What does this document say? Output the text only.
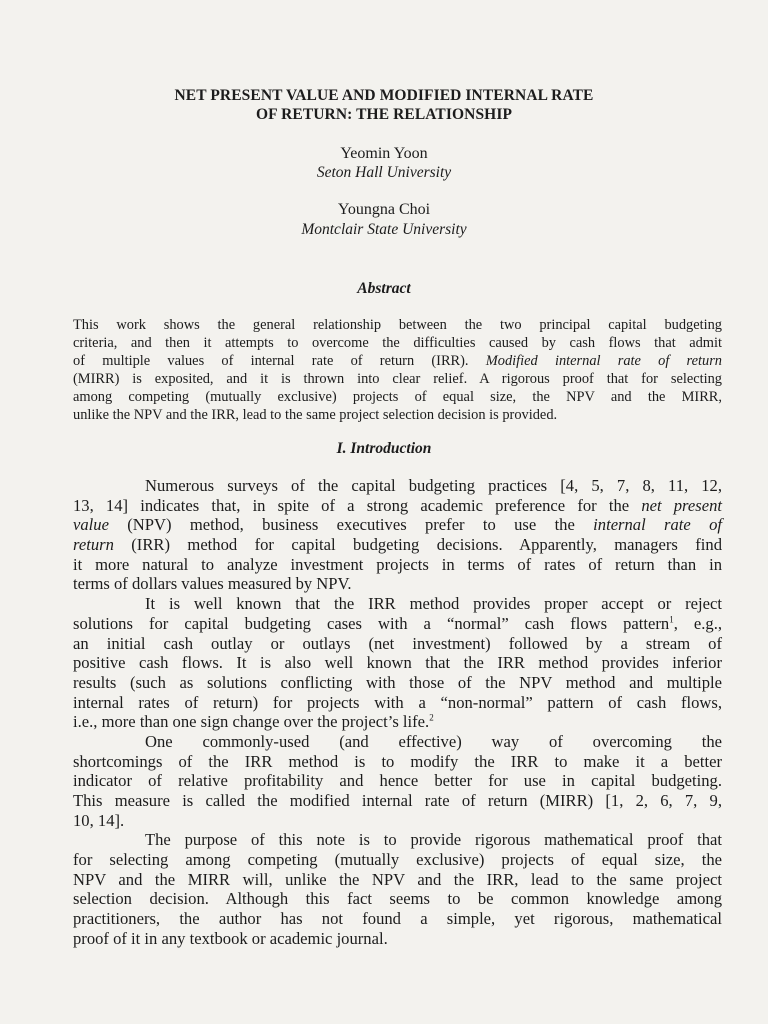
NET PRESENT VALUE AND MODIFIED INTERNAL RATE
OF RETURN: THE RELATIONSHIP
Yeomin Yoon
Seton Hall University
Youngna Choi
Montclair State University
Abstract
This work shows the general relationship between the two principal capital budgeting
criteria, and then it attempts to overcome the difficulties caused by cash flows that admit
of multiple values of internal rate of return (IRR). Modified internal rate of return
(MIRR) is exposited, and it is thrown into clear relief. A rigorous proof that for selecting
among competing (mutually exclusive) projects of equal size, the NPV and the MIRR,
unlike the NPV and the IRR, lead to the same project selection decision is provided.
I. Introduction
Numerous surveys of the capital budgeting practices [4, 5, 7, 8, 11, 12,
13, 14] indicates that, in spite of a strong academic preference for the net present
value (NPV) method, business executives prefer to use the internal rate of
return (IRR) method for capital budgeting decisions. Apparently, managers find
it more natural to analyze investment projects in terms of rates of return than in
terms of dollars values measured by NPV.
It is well known that the IRR method provides proper accept or reject
solutions for capital budgeting cases with a “normal” cash flows pattern$^1$, e.g.,
an initial cash outlay or outlays (net investment) followed by a stream of
positive cash flows. It is also well known that the IRR method provides inferior
results (such as solutions conflicting with those of the NPV method and multiple
internal rates of return) for projects with a “non-normal” pattern of cash flows,
i.e., more than one sign change over the project’s life.$^2$
One commonly-used (and effective) way of overcoming the
shortcomings of the IRR method is to modify the IRR to make it a better
indicator of relative profitability and hence better for use in capital budgeting.
This measure is called the modified internal rate of return (MIRR) [1, 2, 6, 7, 9,
10, 14].
The purpose of this note is to provide rigorous mathematical proof that
for selecting among competing (mutually exclusive) projects of equal size, the
NPV and the MIRR will, unlike the NPV and the IRR, lead to the same project
selection decision. Although this fact seems to be common knowledge among
practitioners, the author has not found a simple, yet rigorous, mathematical
proof of it in any textbook or academic journal.
